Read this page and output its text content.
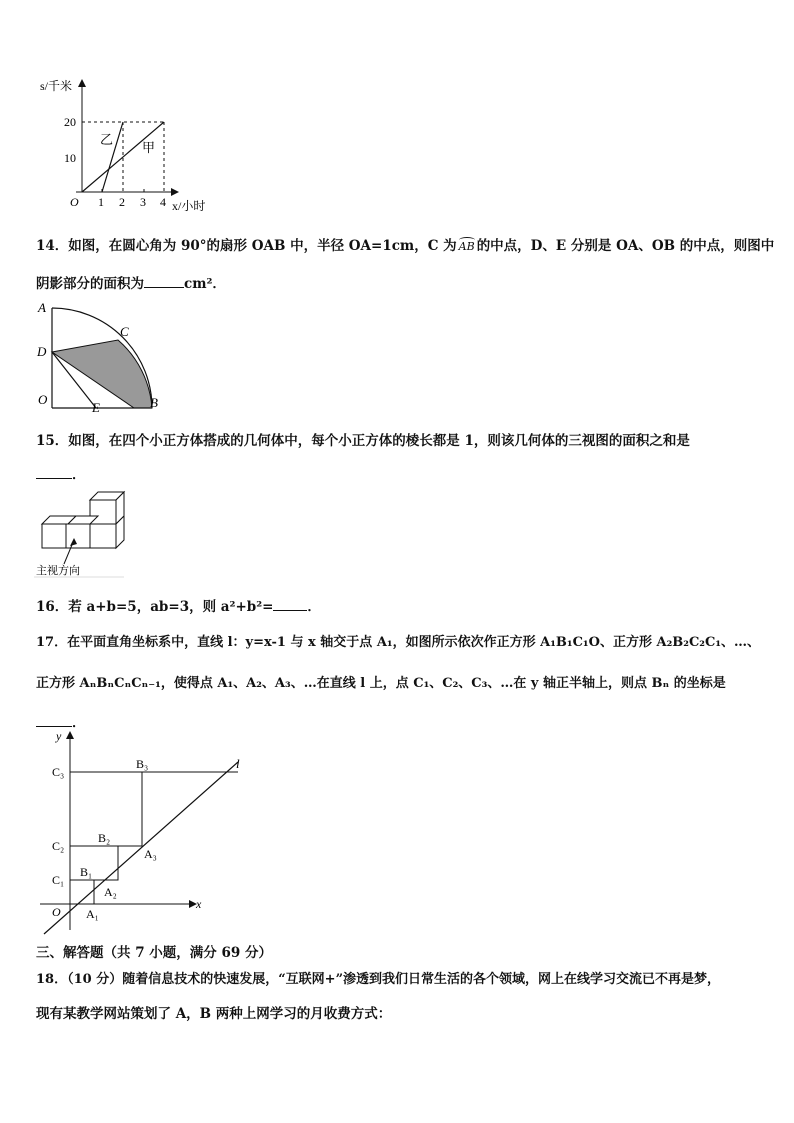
s/千米
20
10
O 1 2 3 4 x/小时
乙
甲
14．如图，在圆心角为 90°的扇形 OAB 中，半径 OA=1cm，C 为 AB 的中点，D、E 分别是 OA、OB 的中点，则图中
阴影部分的面积为	cm²．
A
C
D
O
E	B
15．如图，在四个小正方体搭成的几何体中，每个小正方体的棱长都是 1，则该几何体的三视图的面积之和是
．
主视方向
16．若 a+b=5，ab=3，则 a²+b²=	．
17．在平面直角坐标系中，直线 l：y=x-1 与 x 轴交于点 A₁，如图所示依次作正方形 A₁B₁C₁O、正方形 A₂B₂C₂C₁、…、
正方形 AₙBₙCₙCₙ₋₁，使得点 A₁、A₂、A₃、…在直线 l 上，点 C₁、C₂、C₃、…在 y 轴正半轴上，则点 Bₙ 的坐标是
．
y
l
x
O
C₃
C₂
C₁
B₃
B₂
B₁
A₃
A₂
A₁
三、解答题（共 7 小题，满分 69 分）
18．（10 分）随着信息技术的快速发展，“互联网+”渗透到我们日常生活的各个领域，网上在线学习交流已不再是梦，
现有某教学网站策划了 A，B 两种上网学习的月收费方式：
